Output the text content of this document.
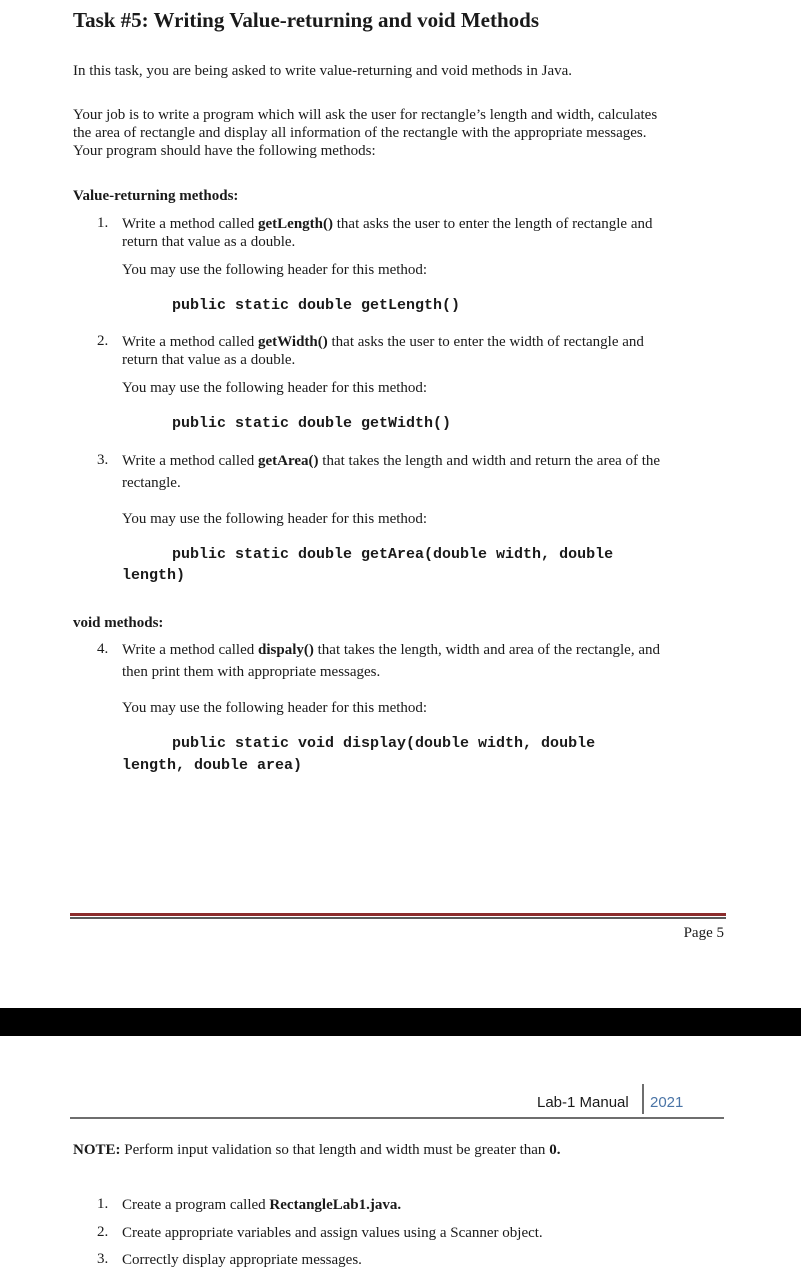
Task #5: Writing Value-returning and void Methods
In this task, you are being asked to write value-returning and void methods in Java.
Your job is to write a program which will ask the user for rectangle’s length and width, calculates
the area of rectangle and display all information of the rectangle with the appropriate messages.
Your program should have the following methods:
Value-returning methods:
1. Write a method called getLength() that asks the user to enter the length of rectangle and
return that value as a double.
You may use the following header for this method:
public static double getLength()
2. Write a method called getWidth() that asks the user to enter the width of rectangle and
return that value as a double.
You may use the following header for this method:
public static double getWidth()
3. Write a method called getArea() that takes the length and width and return the area of the
rectangle.
You may use the following header for this method:
public static double getArea(double width, double
length)
void methods:
4. Write a method called dispaly() that takes the length, width and area of the rectangle, and
then print them with appropriate messages.
You may use the following header for this method:
public static void display(double width, double
length, double area)
Page 5
Lab-1 Manual 2021
NOTE: Perform input validation so that length and width must be greater than 0.
1. Create a program called RectangleLab1.java.
2. Create appropriate variables and assign values using a Scanner object.
3. Correctly display appropriate messages.
